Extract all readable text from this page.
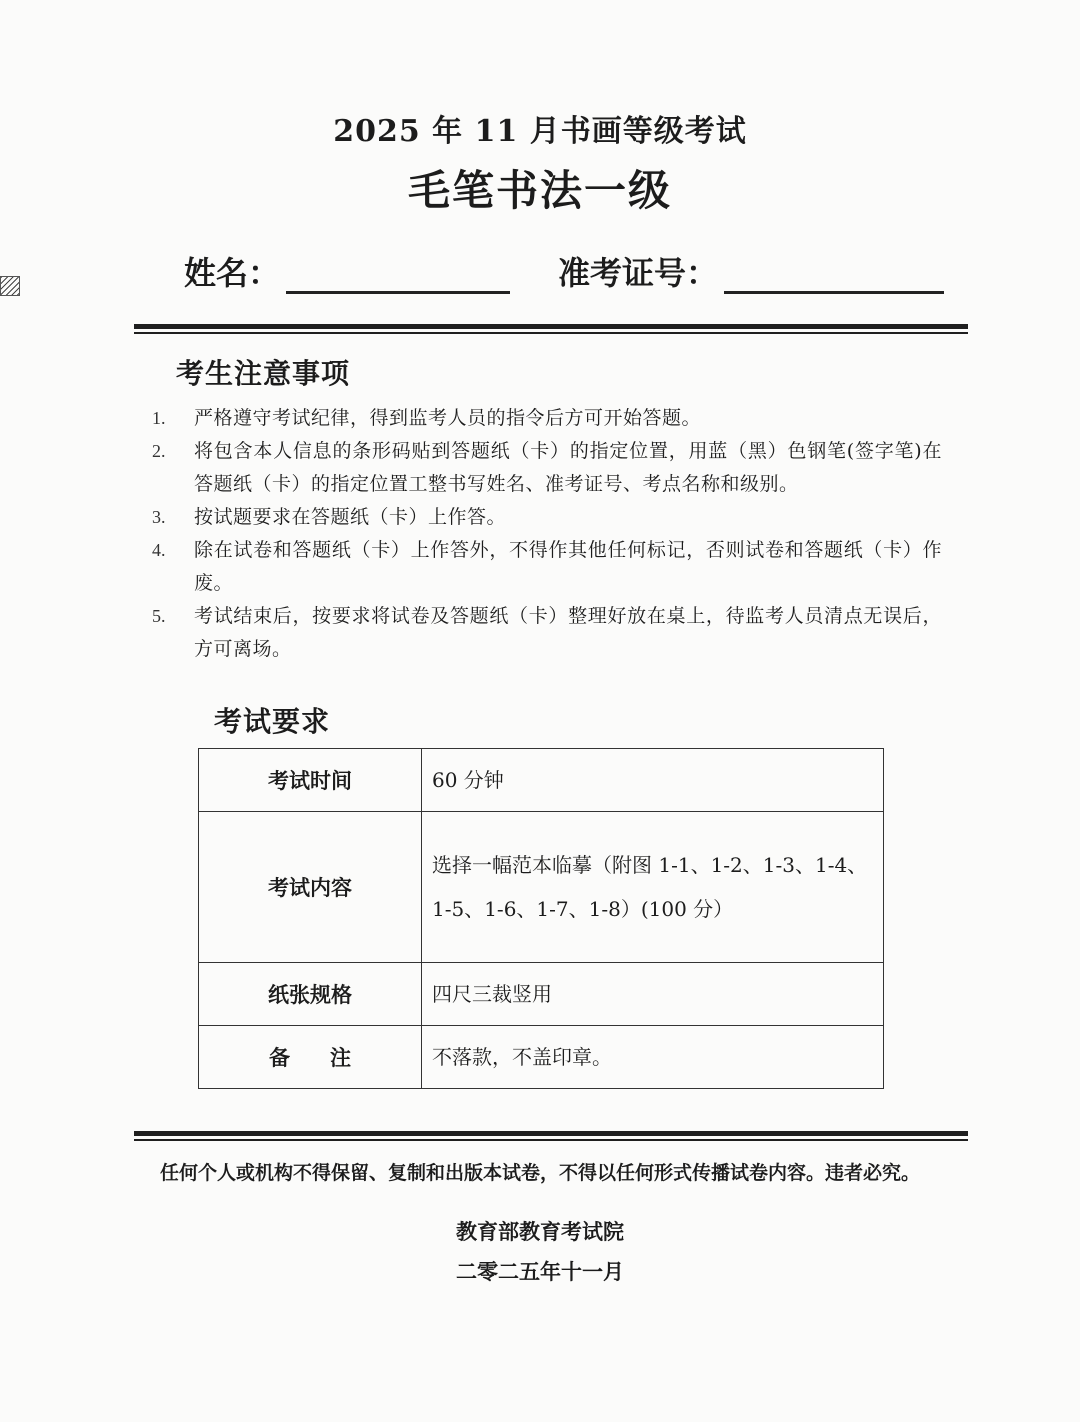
2025 年 11 月书画等级考试
毛笔书法一级
姓名：	准考证号：
考生注意事项
1. 严格遵守考试纪律，得到监考人员的指令后方可开始答题。
2. 将包含本人信息的条形码贴到答题纸（卡）的指定位置，用蓝（黑）色钢笔(签字笔)在答题纸（卡）的指定位置工整书写姓名、准考证号、考点名称和级别。
3. 按试题要求在答题纸（卡）上作答。
4. 除在试卷和答题纸（卡）上作答外，不得作其他任何标记，否则试卷和答题纸（卡）作废。
5. 考试结束后，按要求将试卷及答题纸（卡）整理好放在桌上，待监考人员清点无误后，方可离场。
考试要求
考试时间	60 分钟
考试内容	选择一幅范本临摹（附图 1-1、1-2、1-3、1-4、1-5、1-6、1-7、1-8）(100 分）
纸张规格	四尺三裁竖用
备注	不落款，不盖印章。
任何个人或机构不得保留、复制和出版本试卷，不得以任何形式传播试卷内容。违者必究。
教育部教育考试院
二零二五年十一月
